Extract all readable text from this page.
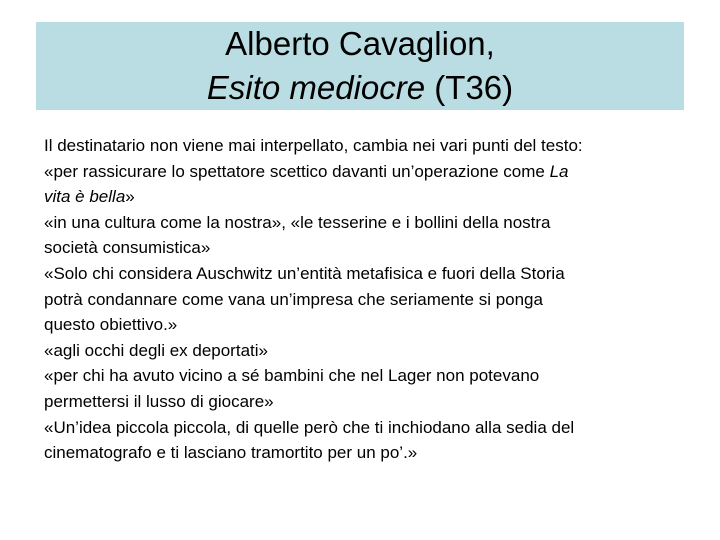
Alberto Cavaglion,
Esito mediocre (T36)
Il destinatario non viene mai interpellato, cambia nei vari punti del testo:
«per rassicurare lo spettatore scettico davanti un’operazione come La
vita è bella»
«in una cultura come la nostra», «le tesserine e i bollini della nostra
società consumistica»
«Solo chi considera Auschwitz un’entità metafisica e fuori della Storia
potrà condannare come vana un’impresa che seriamente si ponga
questo obiettivo.»
«agli occhi degli ex deportati»
«per chi ha avuto vicino a sé bambini che nel Lager non potevano
permettersi il lusso di giocare»
«Un’idea piccola piccola, di quelle però che ti inchiodano alla sedia del
cinematografo e ti lasciano tramortito per un po’.»
